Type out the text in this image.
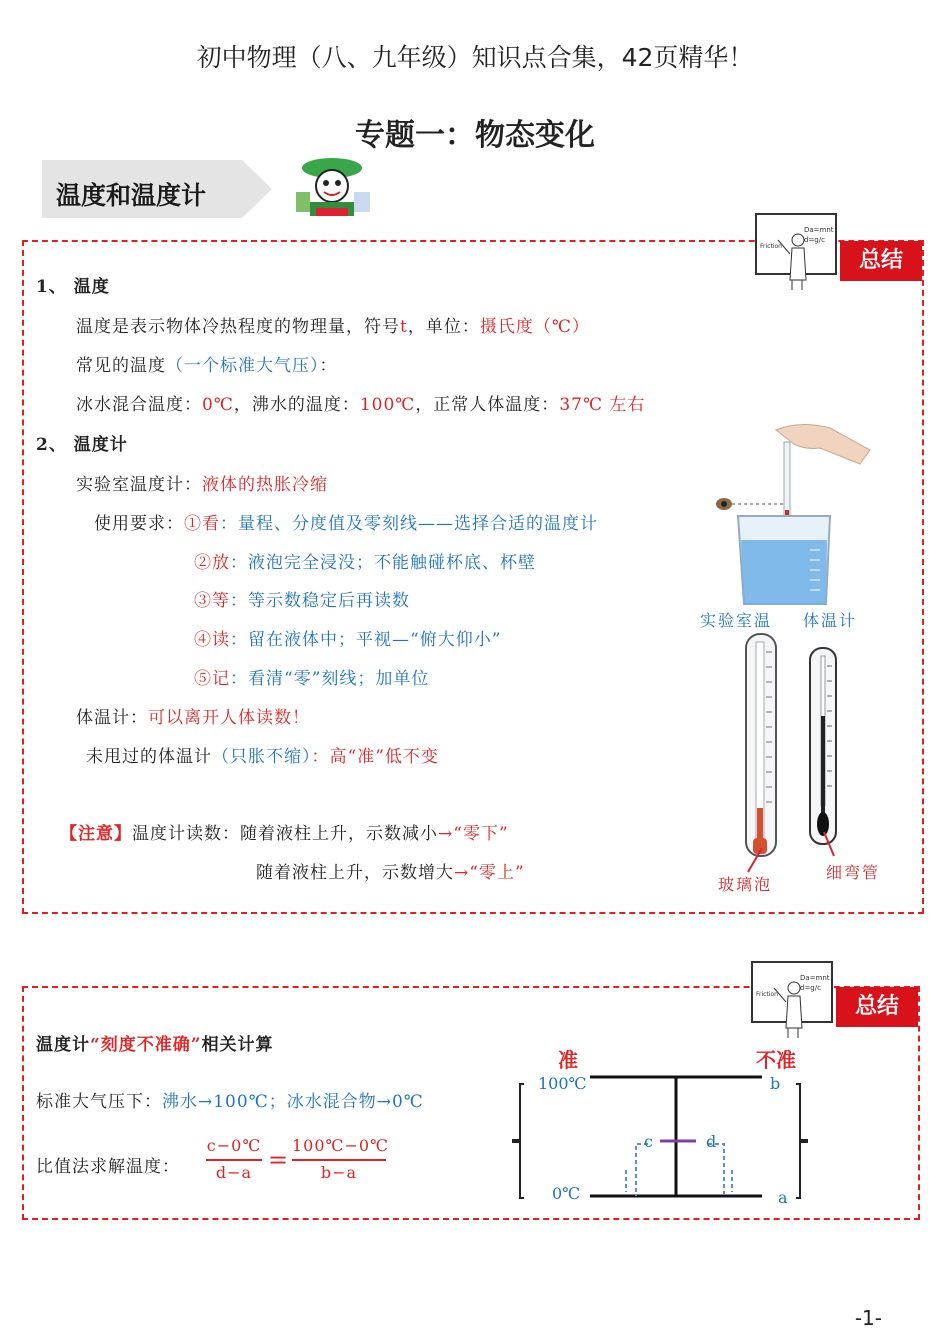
初中物理（八、九年级）知识点合集，42页精华！
专题一：物态变化
温度和温度计
Da=mnt
d=g/c
Friction
总结
1、 温度
温度是表示物体冷热程度的物理量，符号t，单位：摄氏度（℃）
常见的温度（一个标准大气压）：
冰水混合温度：0℃，沸水的温度：100℃，正常人体温度：37℃ 左右
2、 温度计
实验室温度计：液体的热胀冷缩
使用要求：①看：量程、分度值及零刻线——选择合适的温度计
②放：液泡完全浸没；不能触碰杯底、杯壁
③等：等示数稳定后再读数
④读：留在液体中；平视—“俯大仰小”
⑤记：看清“零”刻线；加单位
体温计：可以离开人体读数！
未甩过的体温计（只胀不缩）：高“准”低不变
【注意】温度计读数：随着液柱上升，示数减小→“零下”
随着液柱上升，示数增大→“零上”
实验室温 体温计
玻璃泡
细弯管
Da=mnt
d=g/c
Friction	总结
温度计“刻度不准确”相关计算
标准大气压下：沸水→100℃；冰水混合物→0℃
比值法求解温度：
c−0℃
d−a =
100℃−0℃
b−a
准	不准
100℃
0℃
b
a
c	d
-1-
